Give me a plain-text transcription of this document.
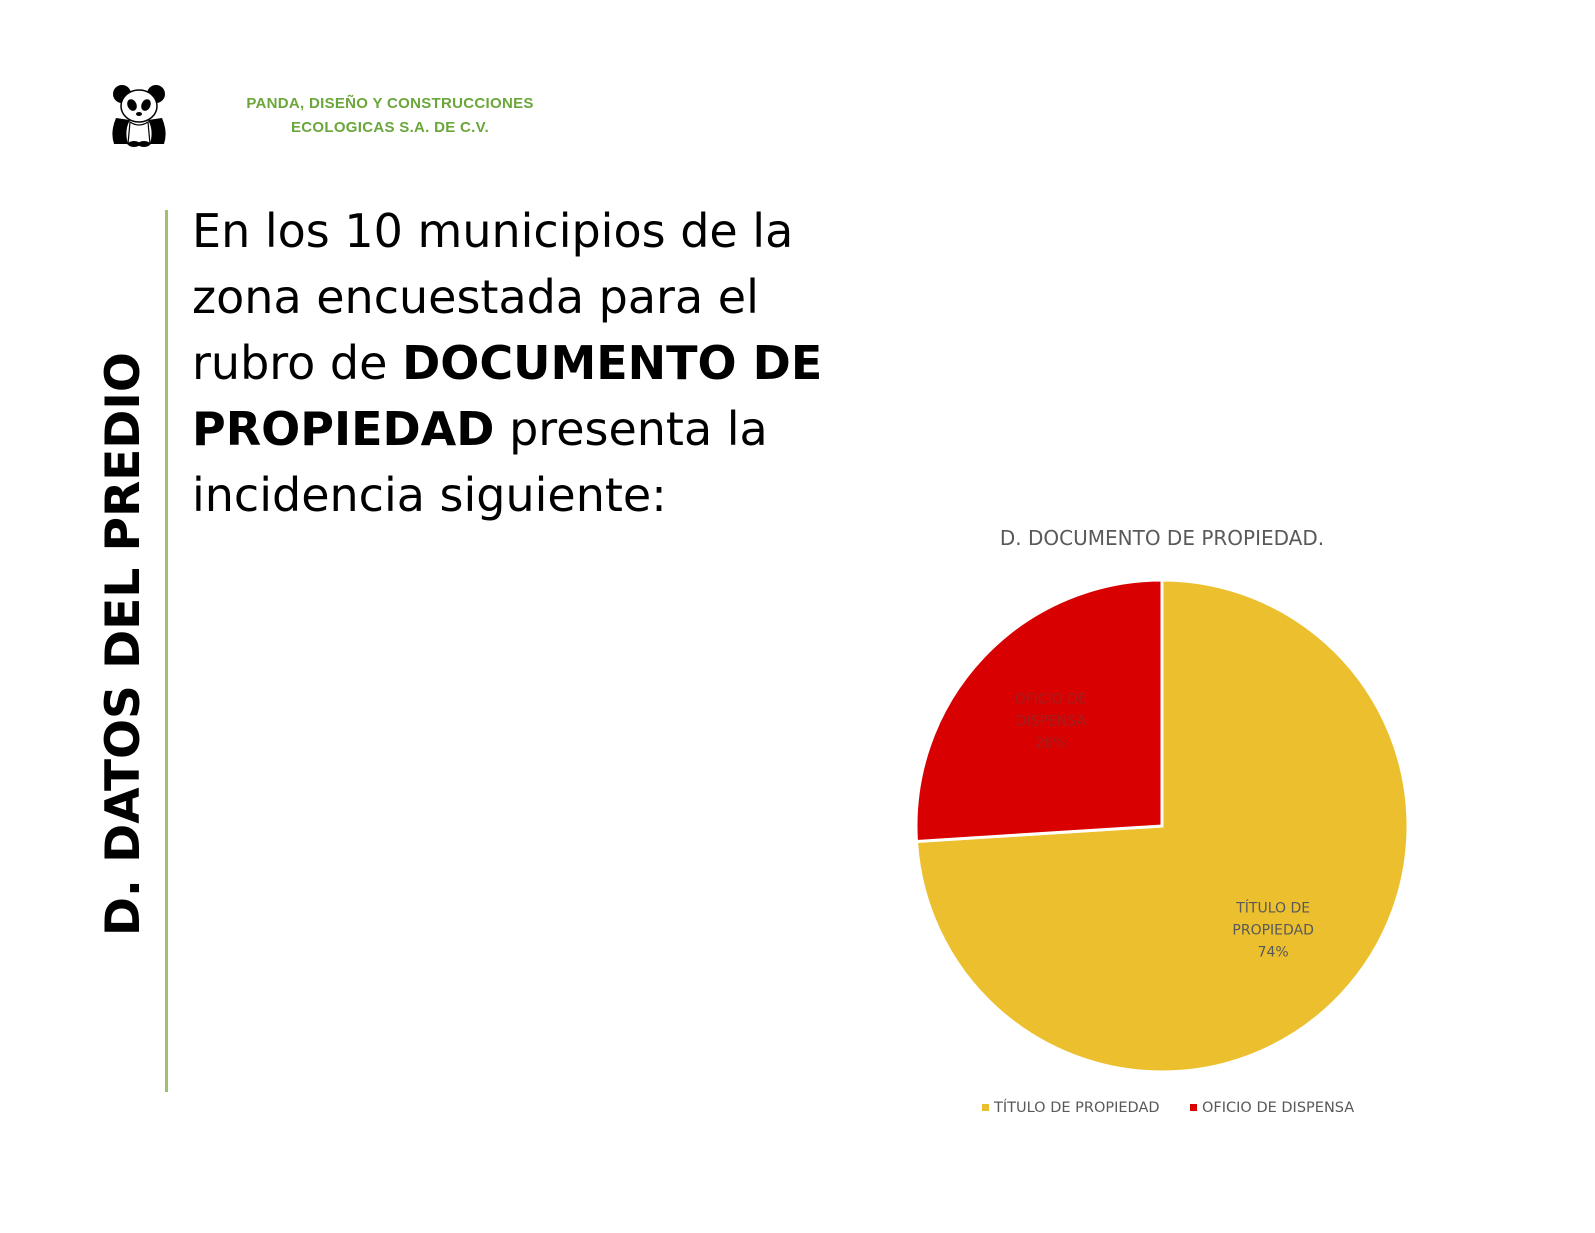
PANDA, DISEÑO Y CONSTRUCCIONES
ECOLOGICAS S.A. DE C.V.
D. DATOS DEL PREDIO
En los 10 municipios de la zona encuestada para el rubro de DOCUMENTO DE PROPIEDAD presenta la incidencia siguiente:
D. DOCUMENTO DE PROPIEDAD.
TÍTULO DE PROPIEDAD 74%
OFICIO DE DISPENSA 26%
TÍTULO DE PROPIEDAD	OFICIO DE DISPENSA
